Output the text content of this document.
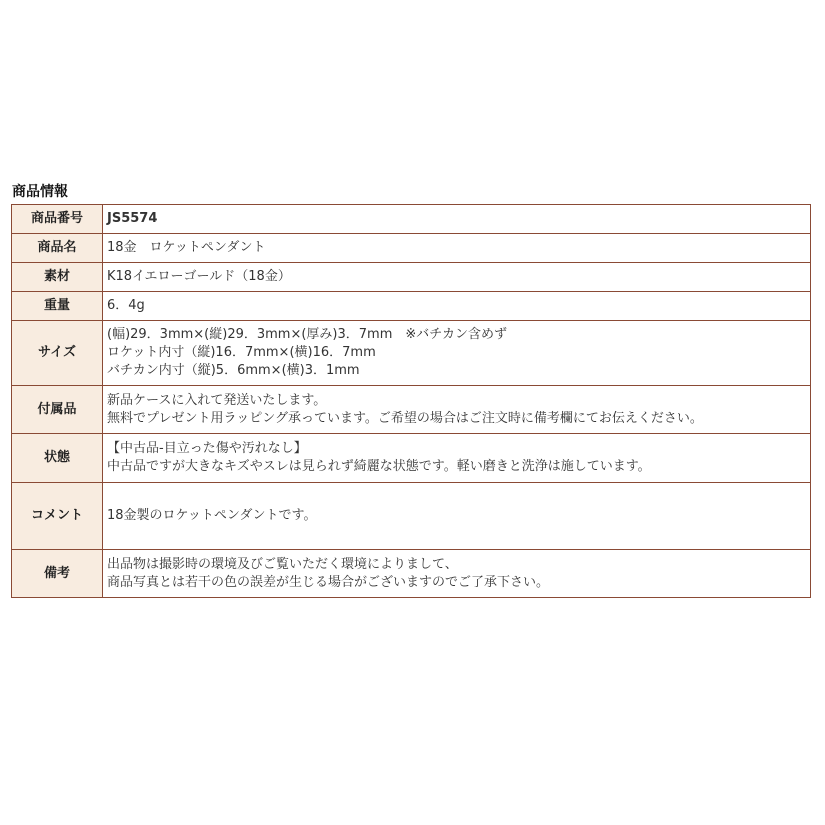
商品情報
商品番号	JS5574

商品名	18金　ロケットペンダント

素材	K18イエローゴールド（18金）

重量	6．4g

サイズ	(幅)29．3mm×(縦)29．3mm×(厚み)3．7mm　※バチカン含めず
ロケット内寸（縦)16．7mm×(横)16．7mm
バチカン内寸（縦)5．6mm×(横)3．1mm

付属品	新品ケースに入れて発送いたします。
無料でプレゼント用ラッピング承っています。ご希望の場合はご注文時に備考欄にてお伝えください。

状態	【中古品-目立った傷や汚れなし】
中古品ですが大きなキズやスレは見られず綺麗な状態です。軽い磨きと洗浄は施しています。

コメント	18金製のロケットペンダントです。

備考	出品物は撮影時の環境及びご覧いただく環境によりまして、
商品写真とは若干の色の誤差が生じる場合がございますのでご了承下さい。
